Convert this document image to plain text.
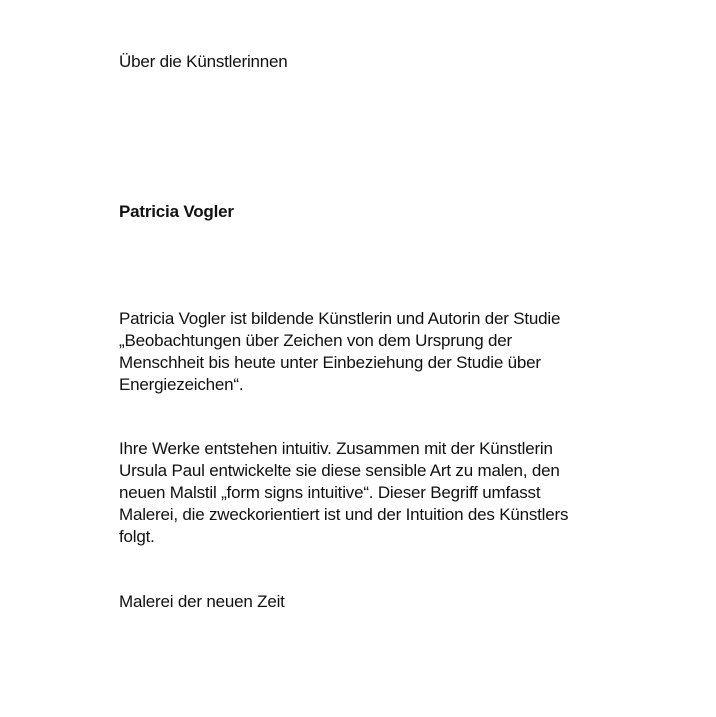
Über die Künstlerinnen
Patricia Vogler

Patricia Vogler ist bildende Künstlerin und Autorin der Studie

„Beobachtungen über Zeichen von dem Ursprung der

Menschheit bis heute unter Einbeziehung der Studie über

Energiezeichen“.

Ihre Werke entstehen intuitiv. Zusammen mit der Künstlerin

Ursula Paul entwickelte sie diese sensible Art zu malen, den

neuen Malstil „form signs intuitive“. Dieser Begriff umfasst

Malerei, die zweckorientiert ist und der Intuition des Künstlers

folgt.

Malerei der neuen Zeit
